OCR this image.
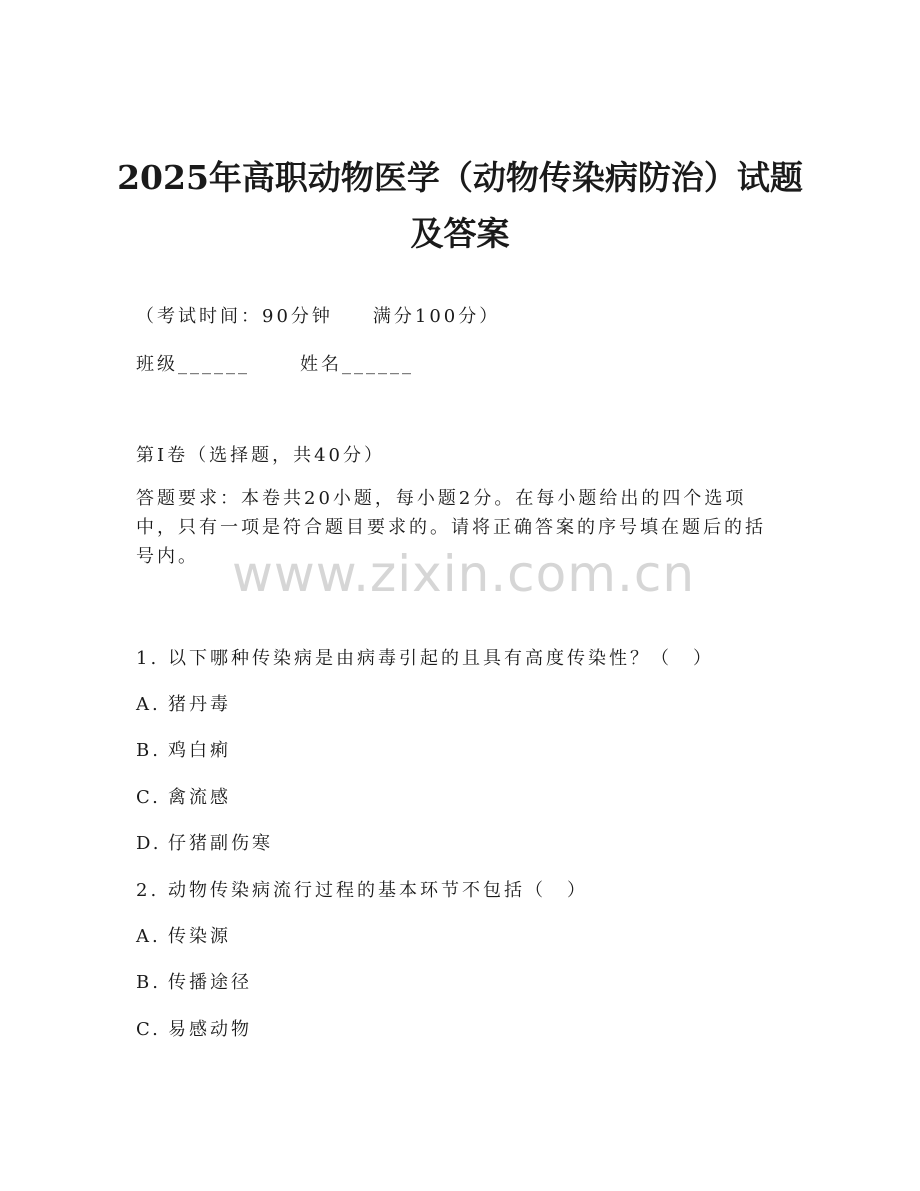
2025年高职动物医学（动物传染病防治）试题及答案
（考试时间：90分钟 满分100分）
班级______	姓名______
第I卷（选择题，共40分）
答题要求：本卷共20小题，每小题2分。在每小题给出的四个选项中，只有一项是符合题目要求的。请将正确答案的序号填在题后的括号内。 www.zixin.com.cn
1. 以下哪种传染病是由病毒引起的且具有高度传染性？（　）
A. 猪丹毒
B. 鸡白痢
C. 禽流感
D. 仔猪副伤寒
2. 动物传染病流行过程的基本环节不包括（　）
A. 传染源
B. 传播途径
C. 易感动物
